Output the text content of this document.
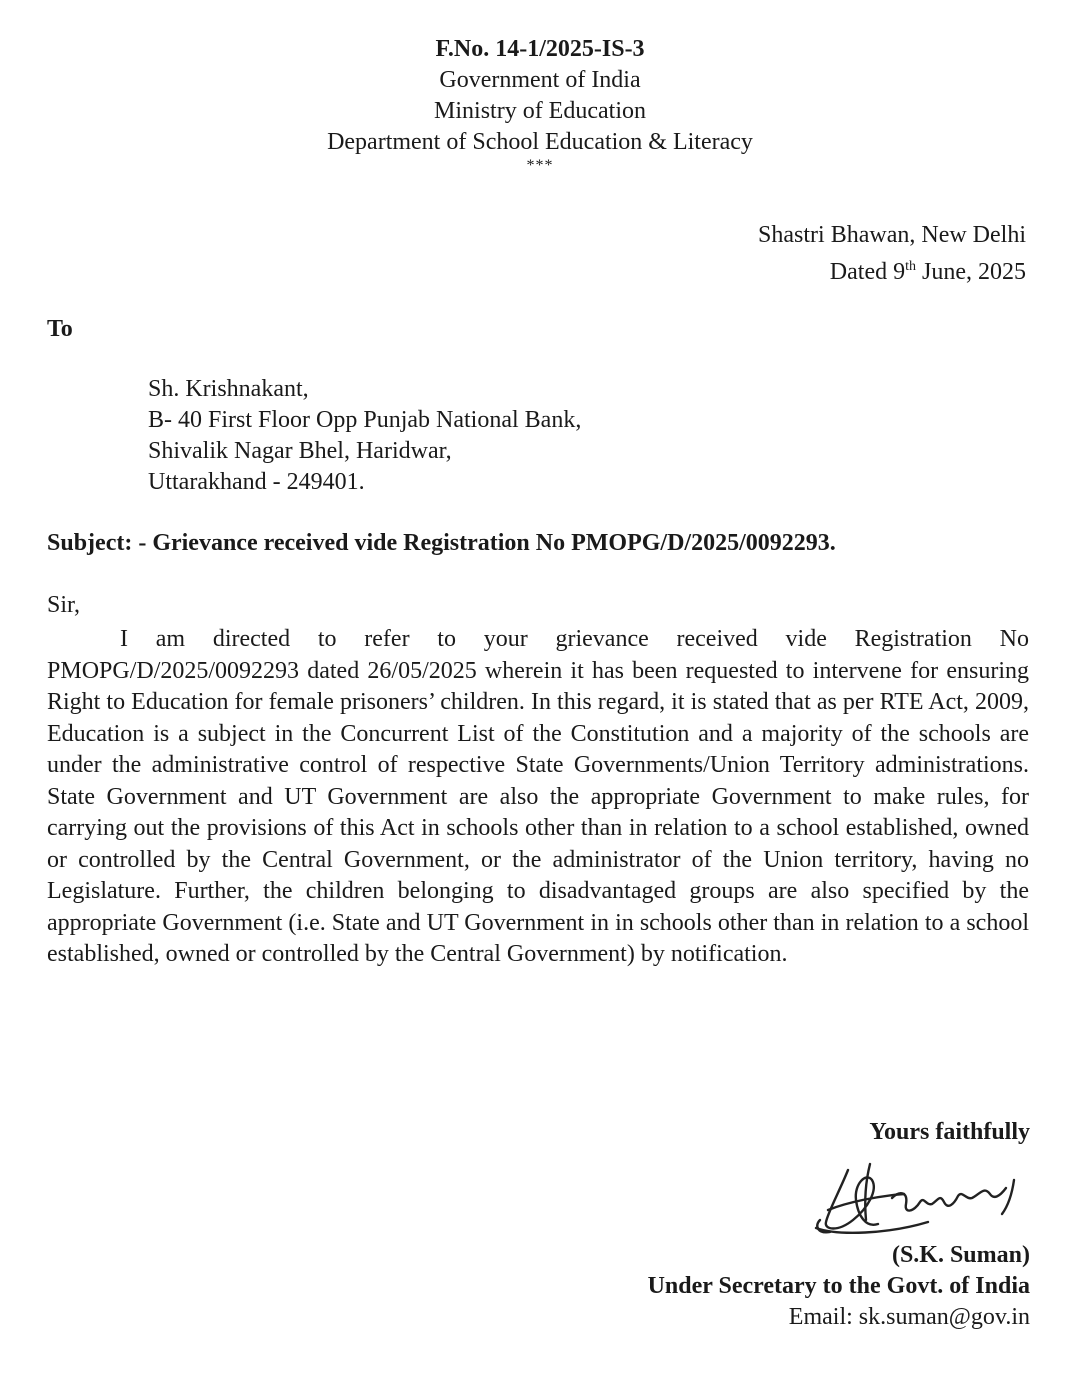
F.No. 14-1/2025-IS-3
Government of India
Ministry of Education
Department of School Education & Literacy
***
Shastri Bhawan, New Delhi
Dated 9th June, 2025
To
Sh. Krishnakant,
B- 40 First Floor Opp Punjab National Bank,
Shivalik Nagar Bhel, Haridwar,
Uttarakhand - 249401.
Subject: - Grievance received vide Registration No PMOPG/D/2025/0092293.
Sir,

I am directed to refer to your grievance received vide Registration No PMOPG/D/2025/0092293 dated 26/05/2025 wherein it has been requested to intervene for ensuring Right to Education for female prisoners’ children. In this regard, it is stated that as per RTE Act, 2009, Education is a subject in the Concurrent List of the Constitution and a majority of the schools are under the administrative control of respective State Governments/Union Territory administrations. State Government and UT Government are also the appropriate Government to make rules, for carrying out the provisions of this Act in schools other than in relation to a school established, owned or controlled by the Central Government, or the administrator of the Union territory, having no Legislature. Further, the children belonging to disadvantaged groups are also specified by the appropriate Government (i.e. State and UT Government in in schools other than in relation to a school established, owned or controlled by the Central Government) by notification.

Yours faithfully
(S.K. Suman)
Under Secretary to the Govt. of India
Email: sk.suman@gov.in
